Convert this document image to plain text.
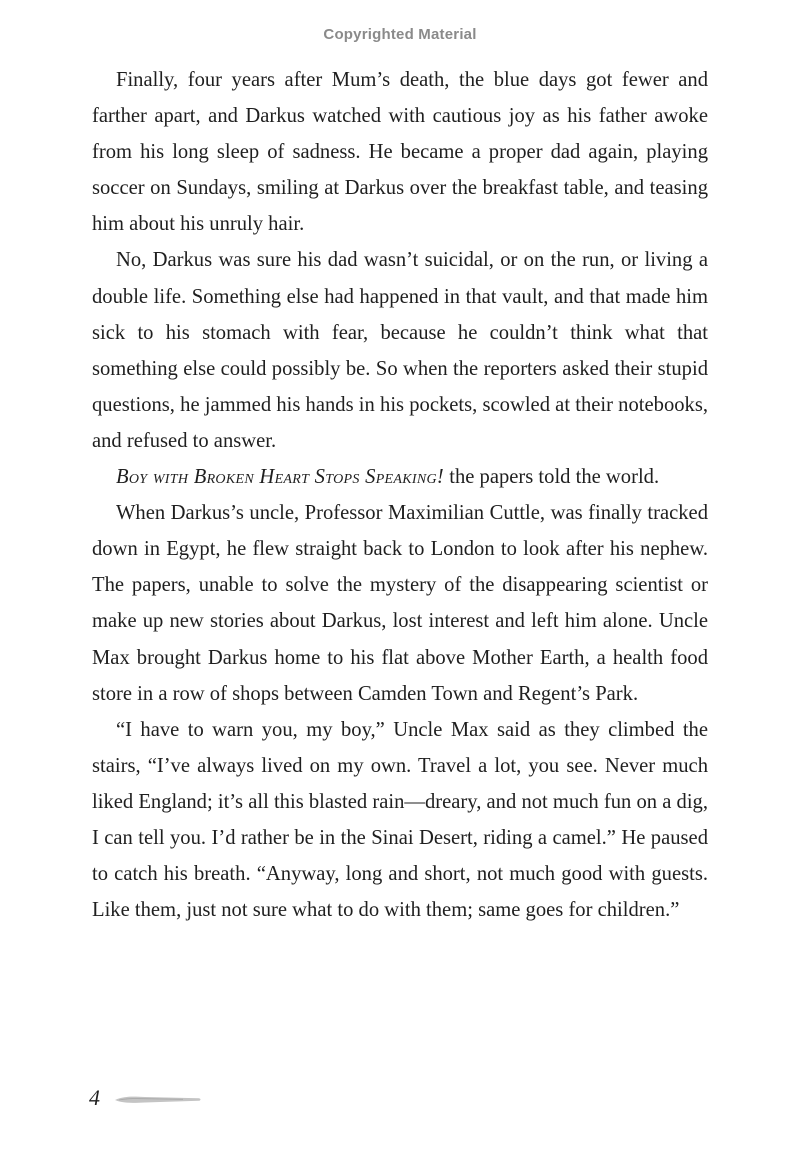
Copyrighted Material

Finally, four years after Mum’s death, the blue days got fewer and farther apart, and Darkus watched with cautious joy as his father awoke from his long sleep of sadness. He became a proper dad again, playing soccer on Sundays, smiling at Darkus over the breakfast table, and teasing him about his unruly hair.

No, Darkus was sure his dad wasn’t suicidal, or on the run, or living a double life. Something else had happened in that vault, and that made him sick to his stomach with fear, because he couldn’t think what that something else could possibly be. So when the reporters asked their stupid questions, he jammed his hands in his pockets, scowled at their notebooks, and refused to answer.

Boy with Broken Heart Stops Speaking! the papers told the world.

When Darkus’s uncle, Professor Maximilian Cuttle, was finally tracked down in Egypt, he flew straight back to London to look after his nephew. The papers, unable to solve the mystery of the disappearing scientist or make up new stories about Darkus, lost interest and left him alone. Uncle Max brought Darkus home to his flat above Mother Earth, a health food store in a row of shops between Camden Town and Regent’s Park.

“I have to warn you, my boy,” Uncle Max said as they climbed the stairs, “I’ve always lived on my own. Travel a lot, you see. Never much liked England; it’s all this blasted rain—dreary, and not much fun on a dig, I can tell you. I’d rather be in the Sinai Desert, riding a camel.” He paused to catch his breath. “Anyway, long and short, not much good with guests. Like them, just not sure what to do with them; same goes for children.”

4
